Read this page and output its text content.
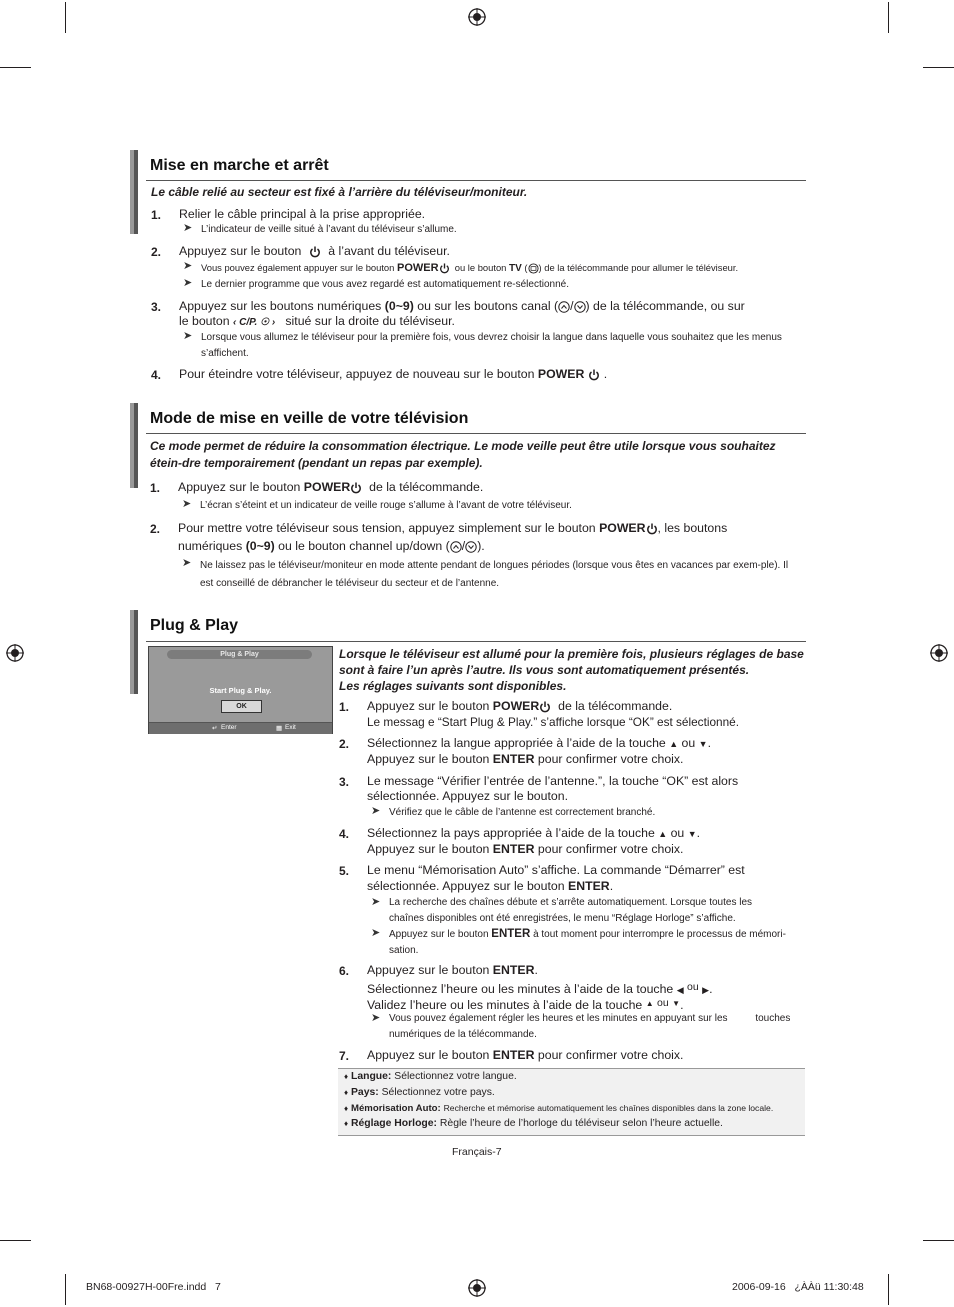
Mise en marche et arrêt
Le câble relié au secteur est fixé à l’arrière du téléviseur/moniteur.
1. Relier le câble principal à la prise appropriée.
➤ L’indicateur de veille situé à l’avant du téléviseur s’allume.
2. Appuyez sur le bouton à l’avant du téléviseur.
➤ Vous pouvez également appuyer sur le bouton POWER ou le bouton TV ( ) de la télécommande pour allumer le téléviseur.
➤ Le dernier programme que vous avez regardé est automatiquement re-sélectionné.
3. Appuyez sur les boutons numériques (0~9) ou sur les boutons canal ( / ) de la télécommande, ou sur
le bouton ‹ C/P. ☉ › situé sur la droite du téléviseur.
➤ Lorsque vous allumez le téléviseur pour la première fois, vous devrez choisir la langue dans laquelle vous souhaitez que les menus s’affichent.
4. Pour éteindre votre téléviseur, appuyez de nouveau sur le bouton POWER .
Mode de mise en veille de votre télévision
Ce mode permet de réduire la consommation électrique. Le mode veille peut être utile lorsque vous souhaitez étein-dre temporairement (pendant un repas par exemple).
1. Appuyez sur le bouton POWER de la télécommande.
➤ L’écran s’éteint et un indicateur de veille rouge s’allume à l’avant de votre téléviseur.
2. Pour mettre votre téléviseur sous tension, appuyez simplement sur le bouton POWER , les boutons
numériques (0~9) ou le bouton channel up/down ( / ).
➤ Ne laissez pas le téléviseur/moniteur en mode attente pendant de longues périodes (lorsque vous êtes en vacances par exem-ple). Il est conseillé de débrancher le téléviseur du secteur et de l’antenne.
Plug & Play
Plug & Play
Start Plug & Play.
OK
↵ Enter	▦ Exit
Lorsque le téléviseur est allumé pour la première fois, plusieurs réglages de base sont à faire l’un après l’autre. Ils vous sont automatiquement présentés.
Les réglages suivants sont disponibles.
1. Appuyez sur le bouton POWER de la télécommande.
Le messag e “Start Plug & Play.” s’affiche lorsque “OK” est sélectionné.
2. Sélectionnez la langue appropriée à l’aide de la touche ▲ ou ▼.
Appuyez sur le bouton ENTER pour confirmer votre choix.
3. Le message “Vérifier l’entrée de l’antenne.”, la touche “OK” est alors
sélectionnée. Appuyez sur le bouton.
➤ Vérifiez que le câble de l’antenne est correctement branché.
4. Sélectionnez la pays appropriée à l’aide de la touche ▲ ou ▼.
Appuyez sur le bouton ENTER pour confirmer votre choix.
5. Le menu “Mémorisation Auto” s’affiche. La commande “Démarrer” est
sélectionnée. Appuyez sur le bouton ENTER.
➤ La recherche des chaînes débute et s’arrête automatiquement. Lorsque toutes les chaînes disponibles ont été enregistrées, le menu “Réglage Horloge” s’affiche.
➤ Appuyez sur le bouton ENTER à tout moment pour interrompre le processus de mémori-sation.
6. Appuyez sur le bouton ENTER.
Sélectionnez l’heure ou les minutes à l’aide de la touche ◀ ou ▶.
Validez l’heure ou les minutes à l’aide de la touche ▲ ou ▼.
➤ Vous pouvez également régler les heures et les minutes en appuyant sur les          touches numériques de la télécommande.
7. Appuyez sur le bouton ENTER pour confirmer votre choix.
♦ Langue: Sélectionnez votre langue.
♦ Pays: Sélectionnez votre pays.
♦ Mémorisation Auto: Recherche et mémorise automatiquement les chaînes disponibles dans la zone locale.
♦ Réglage Horloge: Règle l’heure de l’horloge du téléviseur selon l’heure actuelle.
Français-7
BN68-00927H-00Fre.indd   7	2006-09-16   ¿ÀÀü 11:30:48
